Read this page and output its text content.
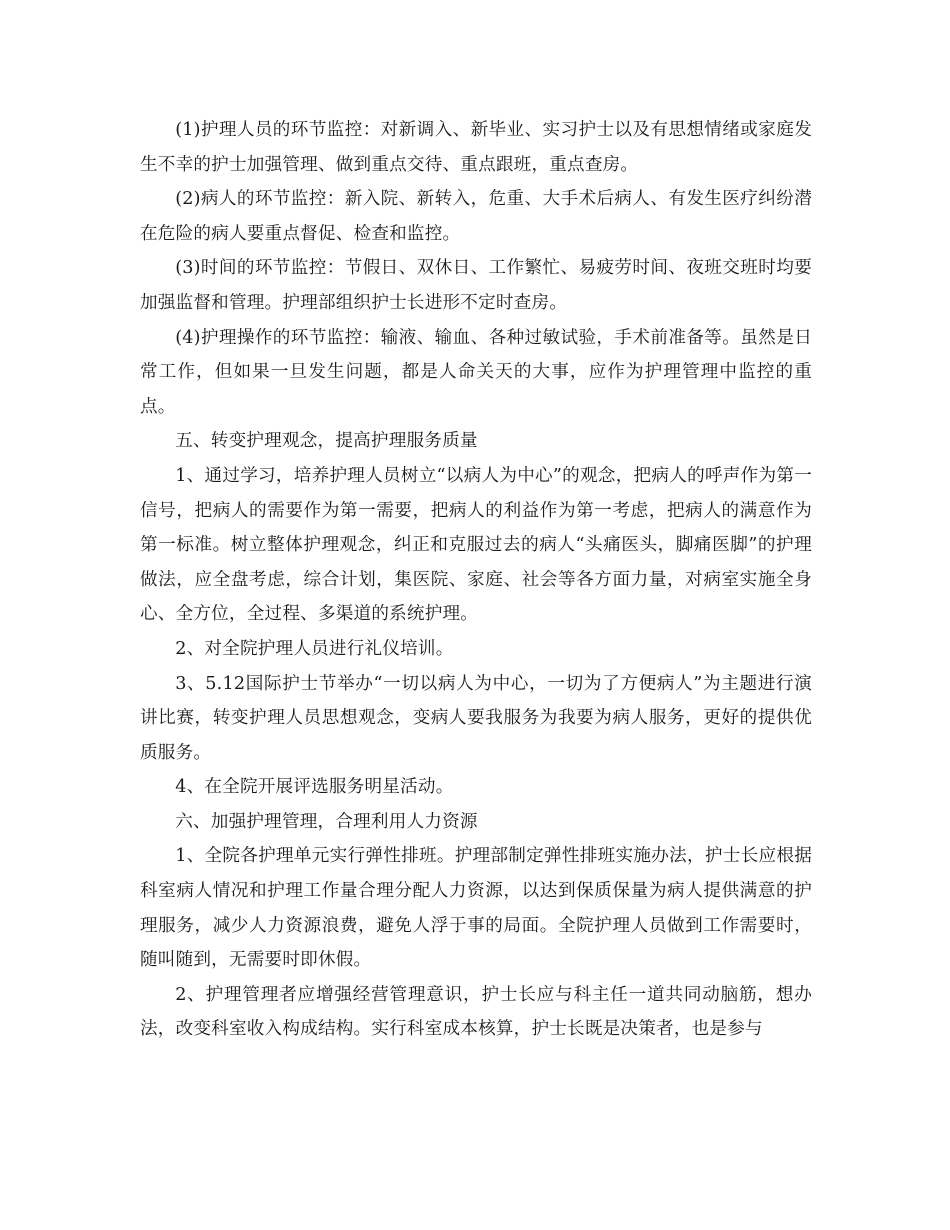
(1)护理人员的环节监控：对新调入、新毕业、实习护士以及有思想情绪或家庭发生不幸的护士加强管理、做到重点交待、重点跟班，重点查房。

(2)病人的环节监控：新入院、新转入，危重、大手术后病人、有发生医疗纠纷潜在危险的病人要重点督促、检查和监控。

(3)时间的环节监控：节假日、双休日、工作繁忙、易疲劳时间、夜班交班时均要加强监督和管理。护理部组织护士长进形不定时查房。

(4)护理操作的环节监控：输液、输血、各种过敏试验，手术前准备等。虽然是日常工作，但如果一旦发生问题，都是人命关天的大事，应作为护理管理中监控的重点。

五、转变护理观念，提高护理服务质量

1、通过学习，培养护理人员树立“以病人为中心”的观念，把病人的呼声作为第一信号，把病人的需要作为第一需要，把病人的利益作为第一考虑，把病人的满意作为第一标准。树立整体护理观念，纠正和克服过去的病人“头痛医头，脚痛医脚”的护理做法，应全盘考虑，综合计划，集医院、家庭、社会等各方面力量，对病室实施全身心、全方位，全过程、多渠道的系统护理。

2、对全院护理人员进行礼仪培训。

3、5.12国际护士节举办“一切以病人为中心，一切为了方便病人”为主题进行演讲比赛，转变护理人员思想观念，变病人要我服务为我要为病人服务，更好的提供优质服务。

4、在全院开展评选服务明星活动。

六、加强护理管理，合理利用人力资源

1、全院各护理单元实行弹性排班。护理部制定弹性排班实施办法，护士长应根据科室病人情况和护理工作量合理分配人力资源，以达到保质保量为病人提供满意的护理服务，减少人力资源浪费，避免人浮于事的局面。全院护理人员做到工作需要时，随叫随到，无需要时即休假。

2、护理管理者应增强经营管理意识，护士长应与科主任一道共同动脑筋，想办法，改变科室收入构成结构。实行科室成本核算，护士长既是决策者，也是参与
